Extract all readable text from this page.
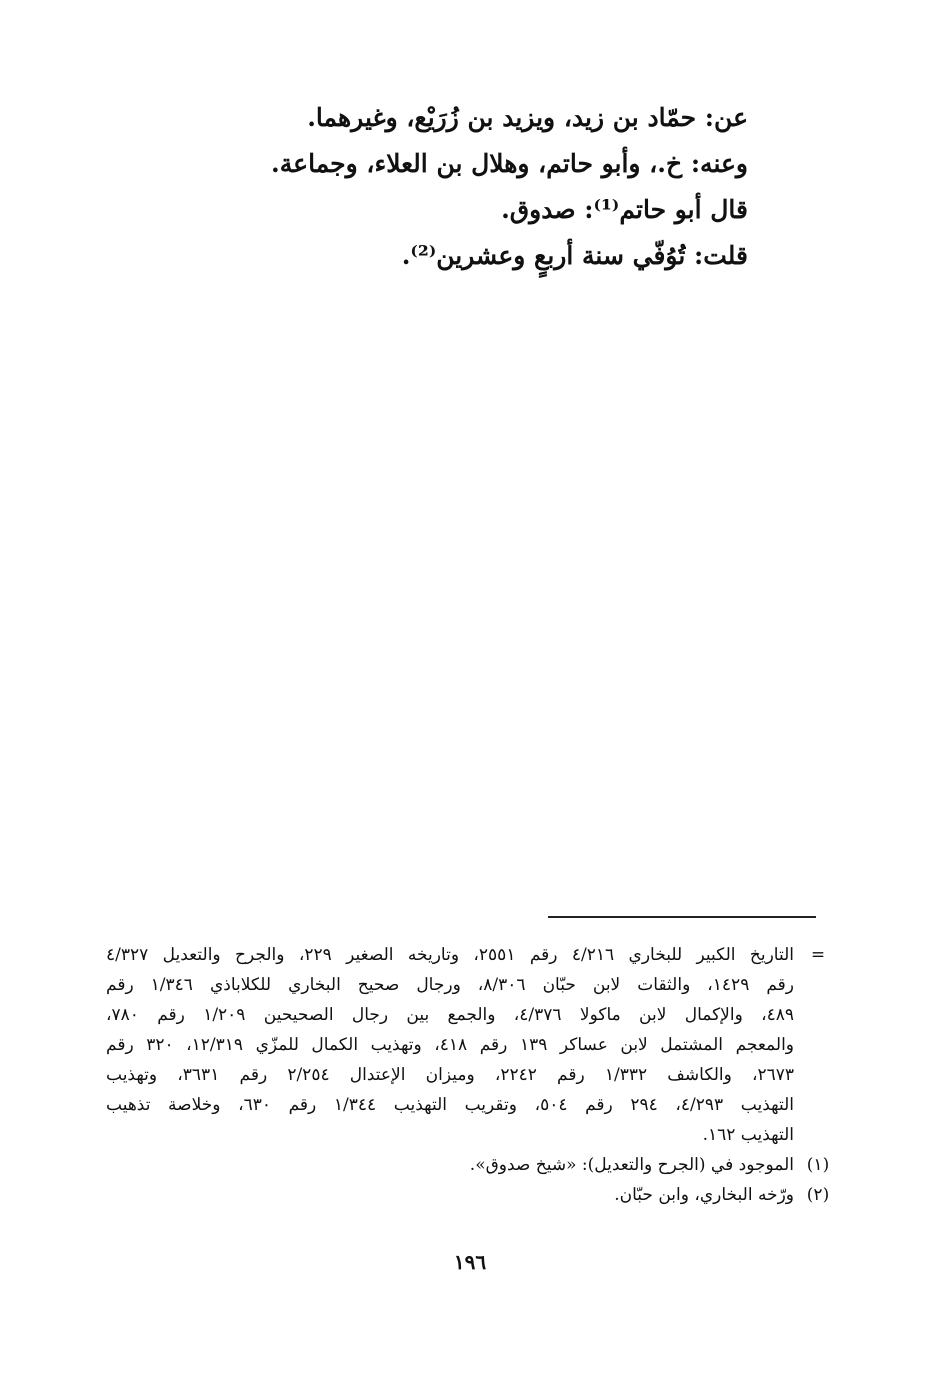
عن: حمّاد بن زيد، ويزيد بن زُرَيْع، وغيرهما.
وعنه: خ.، وأبو حاتم، وهلال بن العلاء، وجماعة.
قال أبو حاتم⁽¹⁾: صدوق.
قلت: تُوُفّي سنة أربعٍ وعشرين⁽²⁾.
=
التاريخ الكبير للبخاري ٤/٢١٦ رقم ٢٥٥١، وتاريخه الصغير ٢٢٩، والجرح والتعديل ٤/٣٢٧
رقم ١٤٢٩، والثقات لابن حبّان ٨/٣٠٦، ورجال صحيح البخاري للكلاباذي ١/٣٤٦ رقم
٤٨٩، والإكمال لابن ماكولا ٤/٣٧٦، والجمع بين رجال الصحيحين ١/٢٠٩ رقم ٧٨٠،
والمعجم المشتمل لابن عساكر ١٣٩ رقم ٤١٨، وتهذيب الكمال للمزّي ١٢/٣١٩، ٣٢٠ رقم
٢٦٧٣، والكاشف ١/٣٣٢ رقم ٢٢٤٢، وميزان الإعتدال ٢/٢٥٤ رقم ٣٦٣١، وتهذيب
التهذيب ٤/٢٩٣، ٢٩٤ رقم ٥٠٤، وتقريب التهذيب ١/٣٤٤ رقم ٦٣٠، وخلاصة تذهيب
التهذيب ١٦٢.
(١)
الموجود في (الجرح والتعديل): «شيخ صدوق».
(٢)
ورّخه البخاري، وابن حبّان.
١٩٦
